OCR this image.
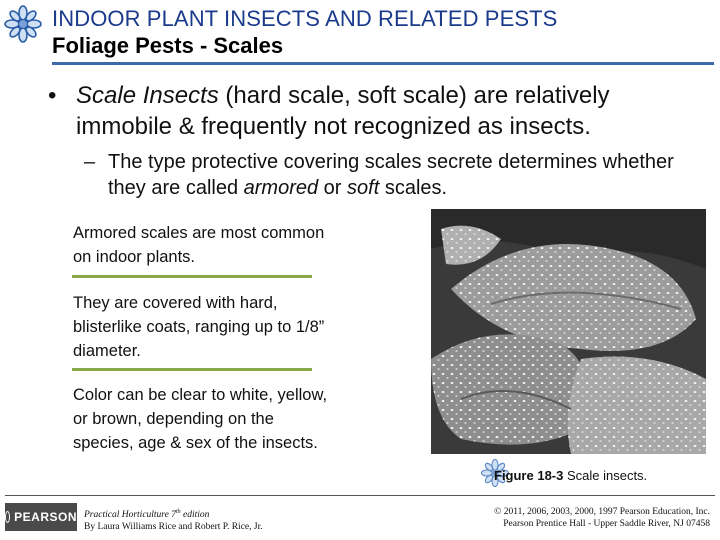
INDOOR PLANT INSECTS AND RELATED PESTS
Foliage Pests - Scales
• Scale Insects (hard scale, soft scale) are relatively immobile & frequently not recognized as insects.
– The type protective covering scales secrete determines whether they are called armored or soft scales.
Armored scales are most common on indoor plants.
They are covered with hard, blisterlike coats, ranging up to 1/8” diameter.
Color can be clear to white, yellow, or brown, depending on the species, age & sex of the insects.
Figure 18-3 Scale insects.
PEARSON Practical Horticulture 7th edition
By Laura Williams Rice and Robert P. Rice, Jr.
© 2011, 2006, 2003, 2000, 1997 Pearson Education, Inc.
Pearson Prentice Hall - Upper Saddle River, NJ 07458
